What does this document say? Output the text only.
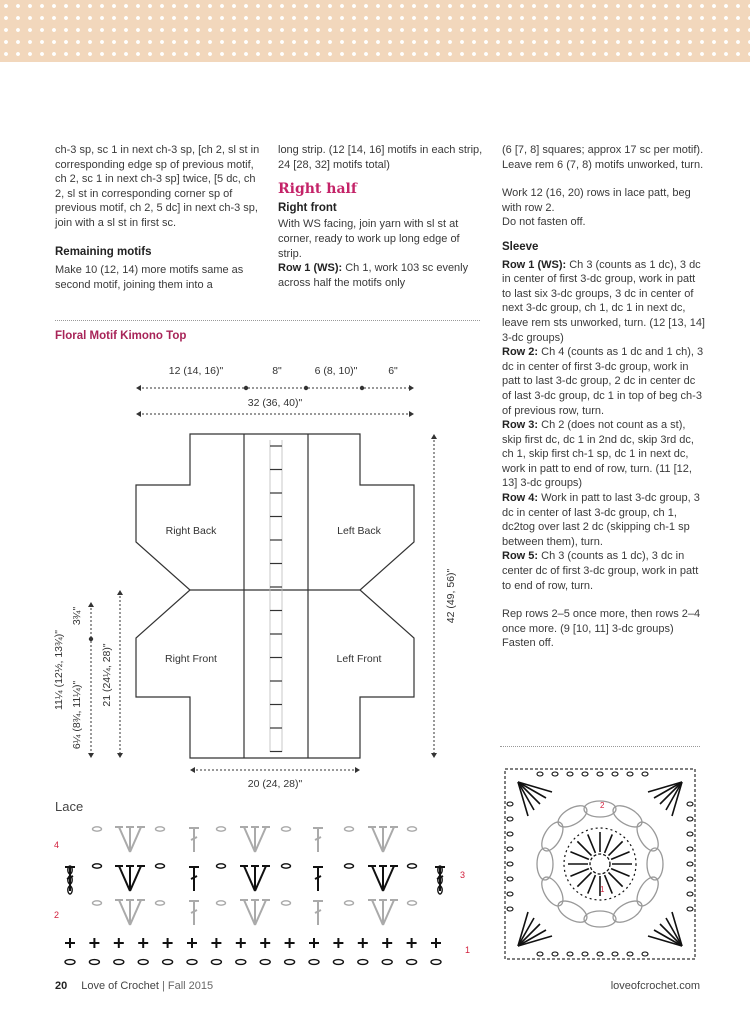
ch-3 sp, sc 1 in next ch-3 sp, [ch 2, sl st in corresponding edge sp of previous motif, ch 2, sc 1 in next ch-3 sp] twice, [5 dc, ch 2, sl st in corresponding corner sp of previous motif, ch 2, 5 dc] in next ch-3 sp, join with a sl st in first sc.

Remaining motifs

Make 10 (12, 14) more motifs same as second motif, joining them into a

long strip. (12 [14, 16] motifs in each strip, 24 [28, 32] motifs total)

Right half

Right front

With WS facing, join yarn with sl st at corner, ready to work up long edge of strip.

Row 1 (WS): Ch 1, work 103 sc evenly across half the motifs only

(6 [7, 8] squares; approx 17 sc per motif). Leave rem 6 (7, 8) motifs unworked, turn.

Work 12 (16, 20) rows in lace patt, beg with row 2.

Do not fasten off.

Sleeve

Row 1 (WS): Ch 3 (counts as 1 dc), 3 dc in center of first 3-dc group, work in patt to last six 3-dc groups, 3 dc in center of next 3-dc group, ch 1, dc 1 in next dc, leave rem sts unworked, turn. (12 [13, 14] 3-dc groups)

Row 2: Ch 4 (counts as 1 dc and 1 ch), 3 dc in center of first 3-dc group, work in patt to last 3-dc group, 2 dc in center dc of last 3-dc group, dc 1 in top of beg ch-3 of previous row, turn.

Row 3: Ch 2 (does not count as a st), skip first dc, dc 1 in 2nd dc, skip 3rd dc, ch 1, skip first ch-1 sp, dc 1 in next dc, work in patt to end of row, turn. (11 [12, 13] 3-dc groups)

Row 4: Work in patt to last 3-dc group, 3 dc in center of last 3-dc group, ch 1, dc2tog over last 2 dc (skipping ch-1 sp between them), turn.

Row 5: Ch 3 (counts as 1 dc), 3 dc in center dc of first 3-dc group, work in patt to end of row, turn.

Rep rows 2–5 once more, then rows 2–4 once more. (9 [10, 11] 3-dc groups)

Fasten off.

Floral Motif Kimono Top
12 (14, 16)"	8"	6 (8, 10)"	6"
32 (36, 40)"
20 (24, 28)"
Right Back	Left Back
Right Front	Left Front
42 (49, 56)"
3¾"
6¼ (8¾, 11¼)"
21 (24¼, 28)"
11¼ (12½, 13¾)"
Lace
4
3
2
1
2
1
20 Love of Crochet | Fall 2015	loveofcrochet.com
